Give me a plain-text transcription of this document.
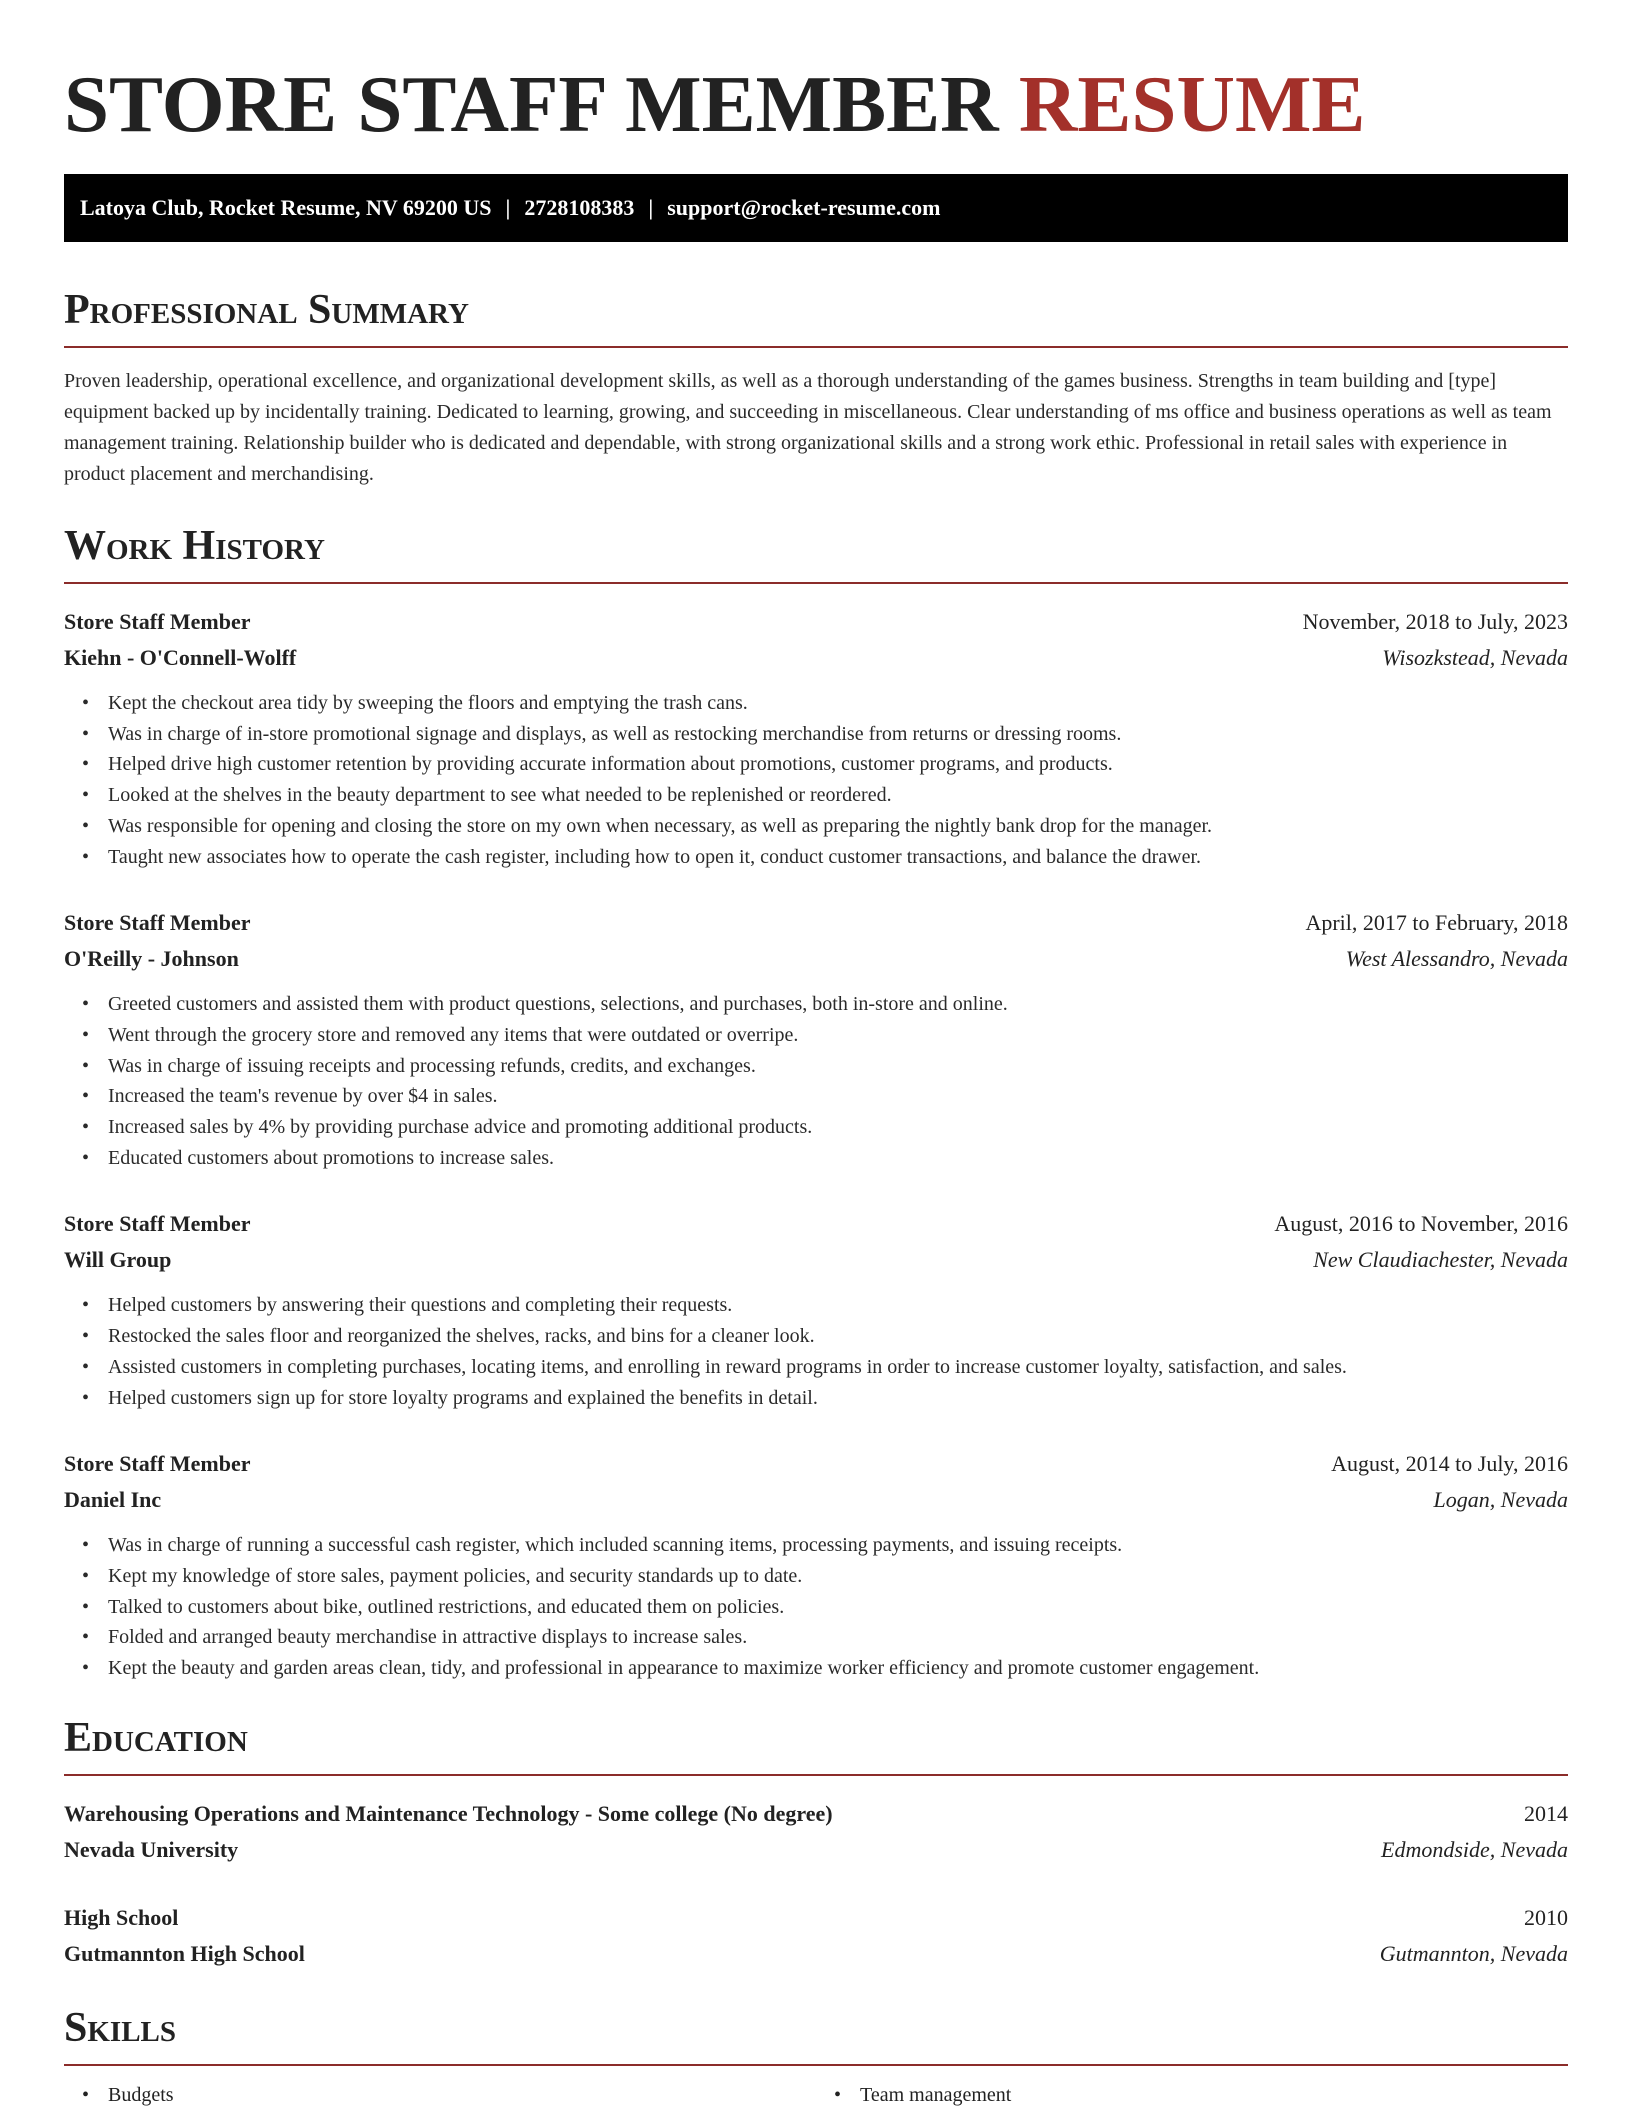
STORE STAFF MEMBER RESUME
Latoya Club, Rocket Resume, NV 69200 US | 2728108383 | support@rocket-resume.com
Professional Summary

Proven leadership, operational excellence, and organizational development skills, as well as a thorough understanding of the games business. Strengths in team building and [type] equipment backed up by incidentally training. Dedicated to learning, growing, and succeeding in miscellaneous. Clear understanding of ms office and business operations as well as team management training. Relationship builder who is dedicated and dependable, with strong organizational skills and a strong work ethic. Professional in retail sales with experience in product placement and merchandising.

Work History
Store Staff Member	November, 2018 to July, 2023
Kiehn - O'Connell-Wolff	Wisozkstead, Nevada
• Kept the checkout area tidy by sweeping the floors and emptying the trash cans.
• Was in charge of in-store promotional signage and displays, as well as restocking merchandise from returns or dressing rooms.
• Helped drive high customer retention by providing accurate information about promotions, customer programs, and products.
• Looked at the shelves in the beauty department to see what needed to be replenished or reordered.
• Was responsible for opening and closing the store on my own when necessary, as well as preparing the nightly bank drop for the manager.
• Taught new associates how to operate the cash register, including how to open it, conduct customer transactions, and balance the drawer.
Store Staff Member	April, 2017 to February, 2018
O'Reilly - Johnson	West Alessandro, Nevada
• Greeted customers and assisted them with product questions, selections, and purchases, both in-store and online.
• Went through the grocery store and removed any items that were outdated or overripe.
• Was in charge of issuing receipts and processing refunds, credits, and exchanges.
• Increased the team's revenue by over $4 in sales.
• Increased sales by 4% by providing purchase advice and promoting additional products.
• Educated customers about promotions to increase sales.
Store Staff Member	August, 2016 to November, 2016
Will Group	New Claudiachester, Nevada
• Helped customers by answering their questions and completing their requests.
• Restocked the sales floor and reorganized the shelves, racks, and bins for a cleaner look.
• Assisted customers in completing purchases, locating items, and enrolling in reward programs in order to increase customer loyalty, satisfaction, and sales.
• Helped customers sign up for store loyalty programs and explained the benefits in detail.
Store Staff Member	August, 2014 to July, 2016
Daniel Inc	Logan, Nevada
• Was in charge of running a successful cash register, which included scanning items, processing payments, and issuing receipts.
• Kept my knowledge of store sales, payment policies, and security standards up to date.
• Talked to customers about bike, outlined restrictions, and educated them on policies.
• Folded and arranged beauty merchandise in attractive displays to increase sales.
• Kept the beauty and garden areas clean, tidy, and professional in appearance to maximize worker efficiency and promote customer engagement.
Education
Warehousing Operations and Maintenance Technology - Some college (No degree)	2014
Nevada University	Edmondside, Nevada
High School	2010
Gutmannton High School	Gutmannton, Nevada
Skills
• Budgets
•	Team management
